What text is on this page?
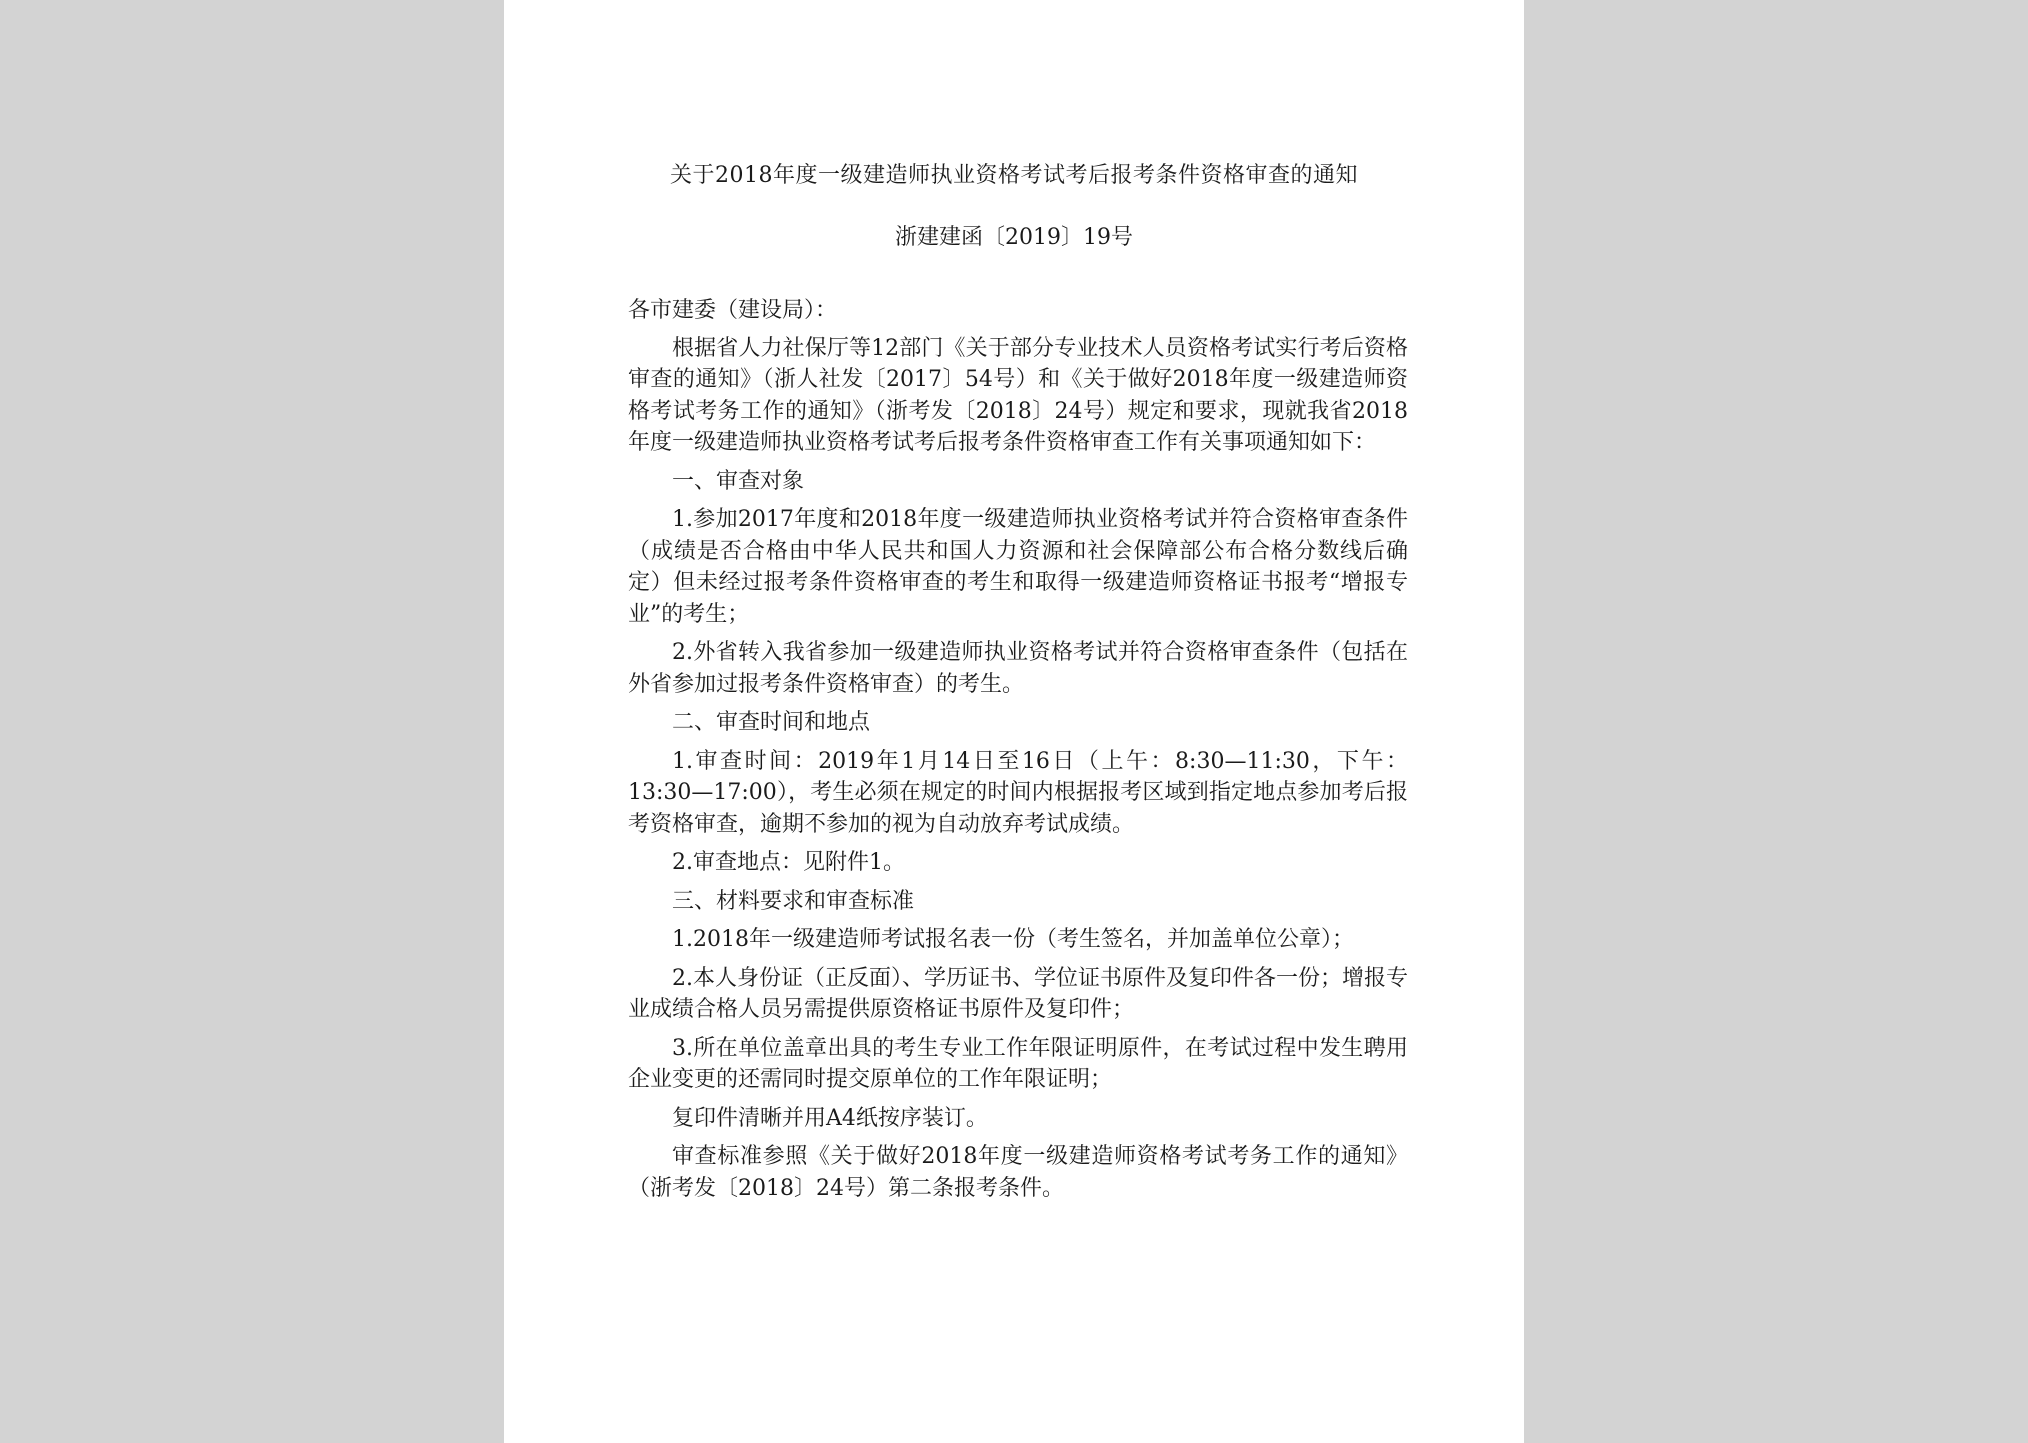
关于2018年度一级建造师执业资格考试考后报考条件资格审查的通知
浙建建函〔2019〕19号

各市建委（建设局）：

根据省人力社保厅等12部门《关于部分专业技术人员资格考试实行考后资格审查的通知》（浙人社发〔2017〕54号）和《关于做好2018年度一级建造师资格考试考务工作的通知》（浙考发〔2018〕24号）规定和要求，现就我省2018年度一级建造师执业资格考试考后报考条件资格审查工作有关事项通知如下：

一、审查对象

1.参加2017年度和2018年度一级建造师执业资格考试并符合资格审查条件（成绩是否合格由中华人民共和国人力资源和社会保障部公布合格分数线后确定）但未经过报考条件资格审查的考生和取得一级建造师资格证书报考“增报专业”的考生；

2.外省转入我省参加一级建造师执业资格考试并符合资格审查条件（包括在外省参加过报考条件资格审查）的考生。

二、审查时间和地点

1.审查时间：2019年1月14日至16日（上午：8:30—11:30，下午：13:30—17:00），考生必须在规定的时间内根据报考区域到指定地点参加考后报考资格审查，逾期不参加的视为自动放弃考试成绩。

2.审查地点：见附件1。

三、材料要求和审查标准

1.2018年一级建造师考试报名表一份（考生签名，并加盖单位公章）；

2.本人身份证（正反面）、学历证书、学位证书原件及复印件各一份；增报专业成绩合格人员另需提供原资格证书原件及复印件；

3.所在单位盖章出具的考生专业工作年限证明原件，在考试过程中发生聘用企业变更的还需同时提交原单位的工作年限证明；

复印件清晰并用A4纸按序装订。

审查标准参照《关于做好2018年度一级建造师资格考试考务工作的通知》（浙考发〔2018〕24号）第二条报考条件。
